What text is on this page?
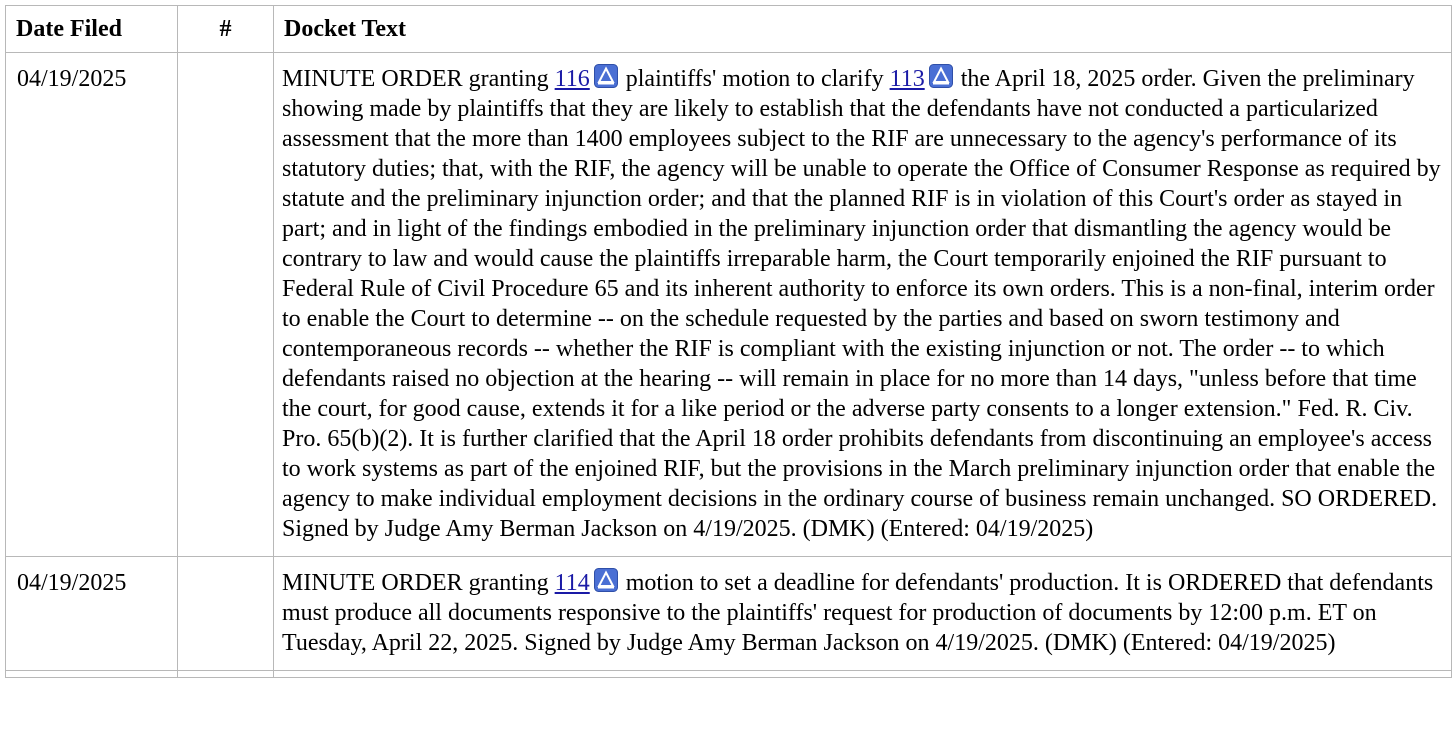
Date Filed	#	Docket Text
04/19/2025		MINUTE ORDER granting 116
plaintiffs' motion to clarify 113
the April 18, 2025 order. Given the preliminary showing made by plaintiffs that they are likely to establish that the defendants have not conducted a particularized assessment that the more than 1400 employees subject to the RIF are unnecessary to the agency's performance of its statutory duties; that, with the RIF, the agency will be unable to operate the Office of Consumer Response as required by statute and the preliminary injunction order; and that the planned RIF is in violation of this Court's order as stayed in part; and in light of the findings embodied in the preliminary injunction order that dismantling the agency would be contrary to law and would cause the plaintiffs irreparable harm, the Court temporarily enjoined the RIF pursuant to Federal Rule of Civil Procedure 65 and its inherent authority to enforce its own orders. This is a non-final, interim order to enable the Court to determine -- on the schedule requested by the parties and based on sworn testimony and contemporaneous records -- whether the RIF is compliant with the existing injunction or not. The order -- to which defendants raised no objection at the hearing -- will remain in place for no more than 14 days, "unless before that time the court, for good cause, extends it for a like period or the adverse party consents to a longer extension." Fed. R. Civ. Pro. 65(b)(2). It is further clarified that the April 18 order prohibits defendants from discontinuing an employee's access to work systems as part of the enjoined RIF, but the provisions in the March preliminary injunction order that enable the agency to make individual employment decisions in the ordinary course of business remain unchanged. SO ORDERED. Signed by Judge Amy Berman Jackson on 4/19/2025. (DMK) (Entered: 04/19/2025)
04/19/2025		MINUTE ORDER granting 114
motion to set a deadline for defendants' production. It is ORDERED that defendants must produce all documents responsive to the plaintiffs' request for production of documents by 12:00 p.m. ET on Tuesday, April 22, 2025. Signed by Judge Amy Berman Jackson on 4/19/2025. (DMK) (Entered: 04/19/2025)
